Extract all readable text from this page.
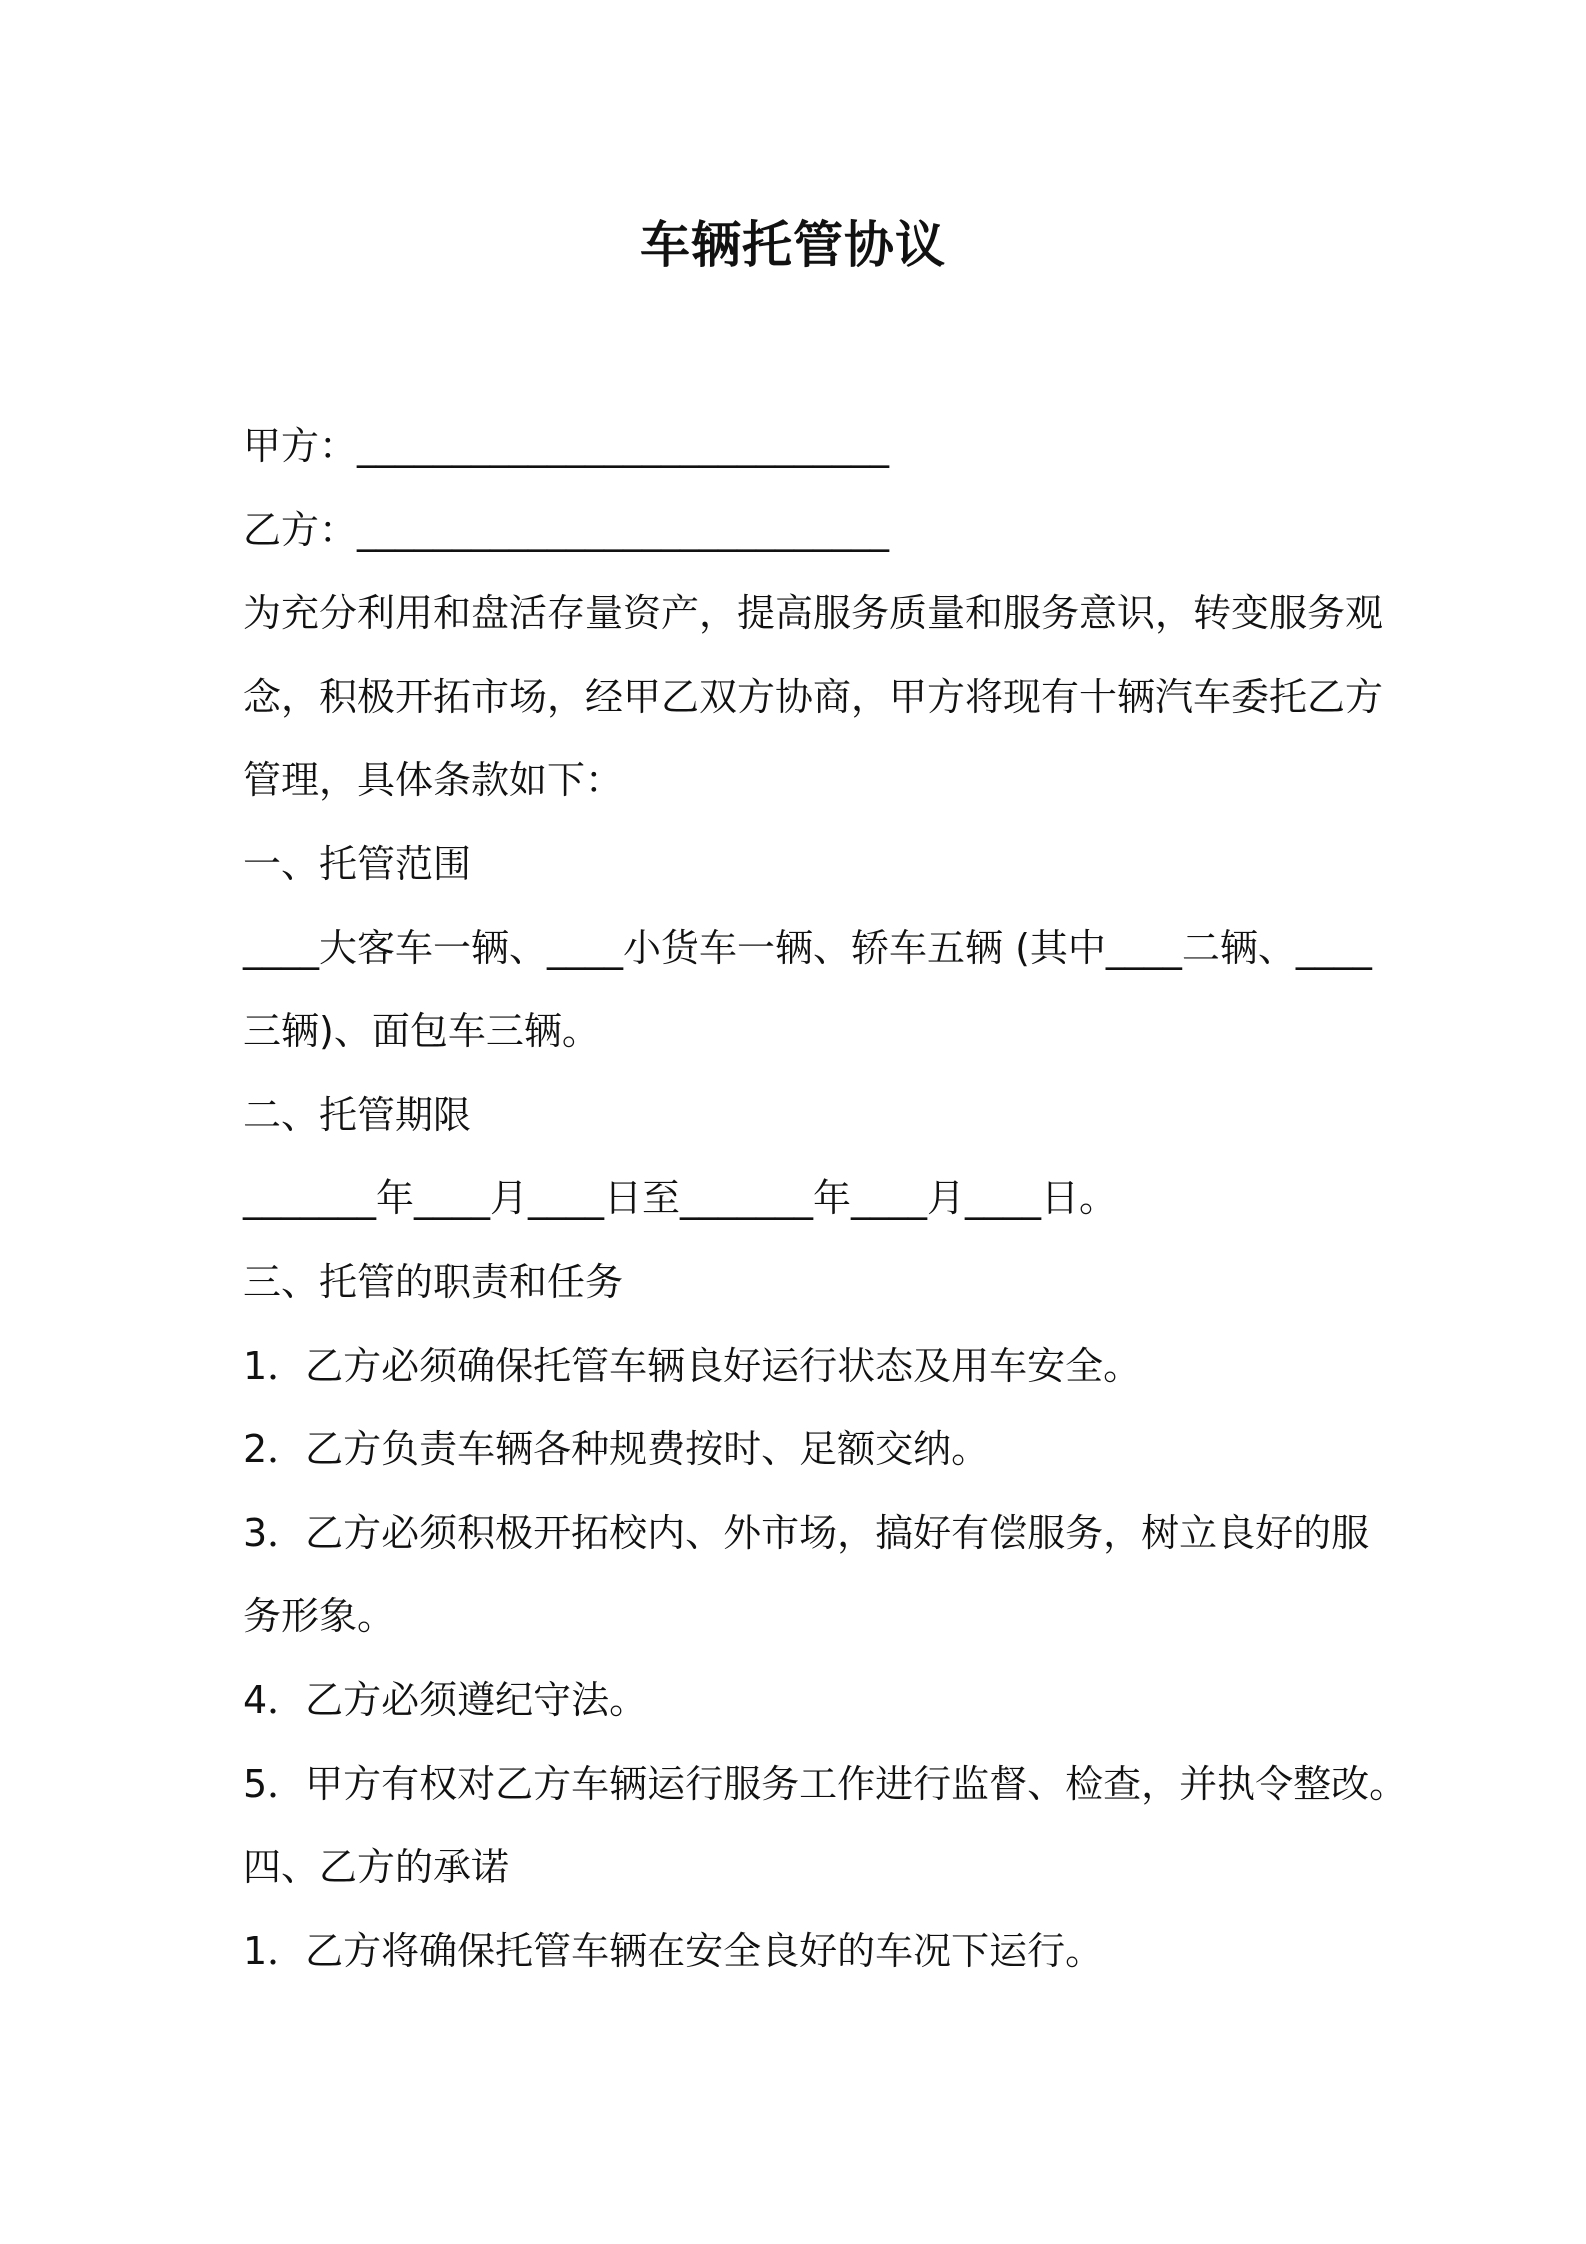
车辆托管协议
甲方：____________________________
乙方：____________________________
为充分利用和盘活存量资产，提高服务质量和服务意识，转变服务观
念，积极开拓市场，经甲乙双方协商，甲方将现有十辆汽车委托乙方
管理，具体条款如下：
一、托管范围
____大客车一辆、____小货车一辆、轿车五辆 (其中____二辆、____
三辆)、面包车三辆。
二、托管期限
_______年____月____日至_______年____月____日。
三、托管的职责和任务
1．乙方必须确保托管车辆良好运行状态及用车安全。
2．乙方负责车辆各种规费按时、足额交纳。
3．乙方必须积极开拓校内、外市场，搞好有偿服务，树立良好的服
务形象。
4．乙方必须遵纪守法。
5．甲方有权对乙方车辆运行服务工作进行监督、检查，并执令整改。
四、乙方的承诺
1．乙方将确保托管车辆在安全良好的车况下运行。
